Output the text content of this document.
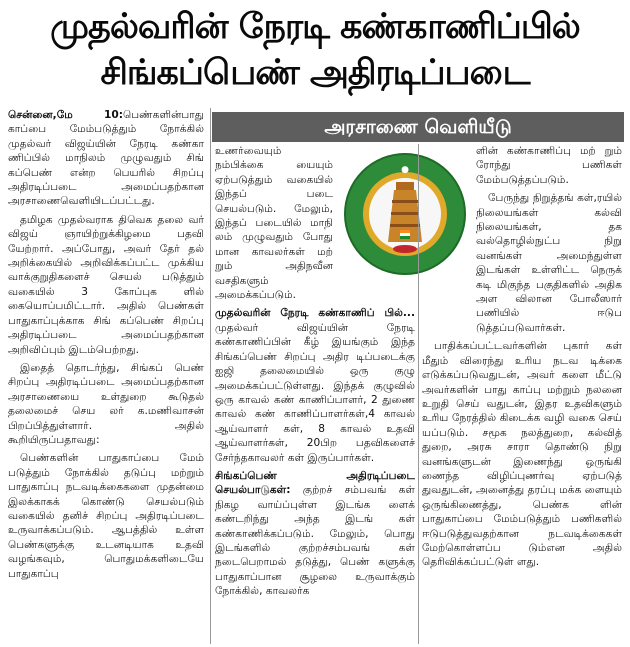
முதல்வரின் நேரடி கண்காணிப்பில்
சிங்கப்பெண் அதிரடிப்படை
அரசாணை வெளியீடு

சென்னை,மே 10:பெண்களின்பாது காப்பை மேம்படுத்தும் நோக்கில் முதல்வர் விஜய்யின் நேரடி கண்கா ணிப்பில் மாநிலம் முழுவதும் சிங் கப்பெண் என்ற பெயரில் சிறப்பு அதிரடிப்படை அமைப்பதற்கான அரசாணைவெளியிடப்பட்டது.

தமிழக முதல்வராக திவெக தலை வர் விஜய் ஞாயிற்றுக்கிழமை பதவி யேற்றார். அப்போது, அவர் தேர் தல் அறிக்கையில் அறிவிக்கப்பட்ட முக்கிய வாக்குறுதிகளைச் செயல் படுத்தும் வகையில் 3 கோப்புக ளில் கையொப்பமிட்டார். அதில் பெண்கள் பாதுகாப்புக்காக சிங் கப்பெண் சிறப்பு அதிரடிப்படை அமைப்பதற்கான அறிவிப்பும் இடம்பெற்றது.

இதைத் தொடர்ந்து, சிங்கப் பெண் சிறப்பு அதிரடிப்படை அமைப்பதற்கான அரசாணையை உள்துறை கூடுதல் தலைமைச் செய லர் க.மணிவாசன் பிறப்பித்துள்ளார். அதில் கூறியிருப்பதாவது:

பெண்களின் பாதுகாப்பை மேம் படுத்தும் நோக்கில் தடுப்பு மற்றும் பாதுகாப்பு நடவடிக்கைகளை முதன்மை இலக்காகக் கொண்டு செயல்படும் வகையில் தனிச் சிறப்பு அதிரடிப்படை உருவாக்கப்படும். ஆபத்தில் உள்ள பெண்களுக்கு உடனடியாக உதவி வழங்கவும், பொதுமக்களிடையே பாதுகாப்பு

உணர்வையும் நம்பிக்கை யையும் ஏற்படுத்தும் வகையில் இந்தப் படை செயல்படும். மேலும், இந்தப் படையில் மாநி லம் முழுவதும் போது மான காவலர்கள் மற் றும் அதிநவீன வசதிகளும் அமைக்கப்படும்.

முதல்வரின் நேரடி கண்காணிப் பில்... முதல்வர் விஜய்யின் நேரடி கண்காணிப்பின் கீழ் இயங்கும் இந்த சிங்கப்பெண் சிறப்பு அதிர டிப்படைக்கு ஐஜி தலைமையில் ஒரு குழு அமைக்கப்பட்டுள்ளது. இந்தக் குழுவில் ஒரு காவல் கண் காணிப்பாளர், 2 துணை காவல் கண் காணிப்பாளர்கள்,4 காவல் ஆய்வாளர் கள், 8 காவல் உதவி ஆய்வாளர்கள், 20பிற பதவிகளைச் சேர்ந்தகாவலர் கள் இருப்பார்கள்.

சிங்கப்பெண் அதிரடிப்படை செயல்பாடுகள்: குற்றச் சம்பவங் கள் நிகழ வாய்ப்புள்ள இடங்க ளைக் கண்டறிந்து அந்த இடங் கள் கண்காணிக்கப்படும். மேலும், பொது இடங்களில் குற்றச்சம்பவங் கள் நடைபெறாமல் தடுத்து, பெண் களுக்கு பாதுகாப்பான சூழலை உருவாக்கும் நோக்கில், காவலர்க

ளின் கண்காணிப்பு மற் றும் ரோந்து பணிகள் மேம்படுத்தப்படும்.

பேருந்து நிறுத்தங் கள்,ரயில் நிலையங்கள் கல்வி நிலையங்கள், தக வல்தொழில்நுட்ப நிறு வனங்கள் அமைந்துள்ள இடங்கள் உள்ளிட்ட நெருக் கடி மிகுந்த பகுதிகளில் அதிக அள விலான போலீஸார் பணியில் ஈடுப டுத்தப்படுவார்கள்.

பாதிக்கப்பட்டவர்களின் புகார் கள் மீதும் விரைந்து உரிய நடவ டிக்கை எடுக்கப்படுவதுடன், அவர் களை மீட்டு அவர்களின் பாது காப்பு மற்றும் நலனை உறுதி செய் வதுடன், இதர உதவிகளும் உரிய நேரத்தில் கிடைக்க வழி வகை செய் யப்படும். சமூக நலத்துறை, கல்வித் துறை, அரசு சாரா தொண்டு நிறு வனங்களுடன் இணைந்து ஒருங்கி ணைந்த விழிப்புணர்வு ஏற்படுத் துவதுடன், அனைத்து தரப்பு மக்க ளையும் ஒருங்கிணைத்து, பெண்க ளின் பாதுகாப்பை மேம்படுத்தும் பணிகளில் ஈடுபடுத்துவதற்கான நடவடிக்கைகள் மேற்கொள்ளப்ப டும்என அதில் தெரிவிக்கப்பட்டுள் ளது.

●
